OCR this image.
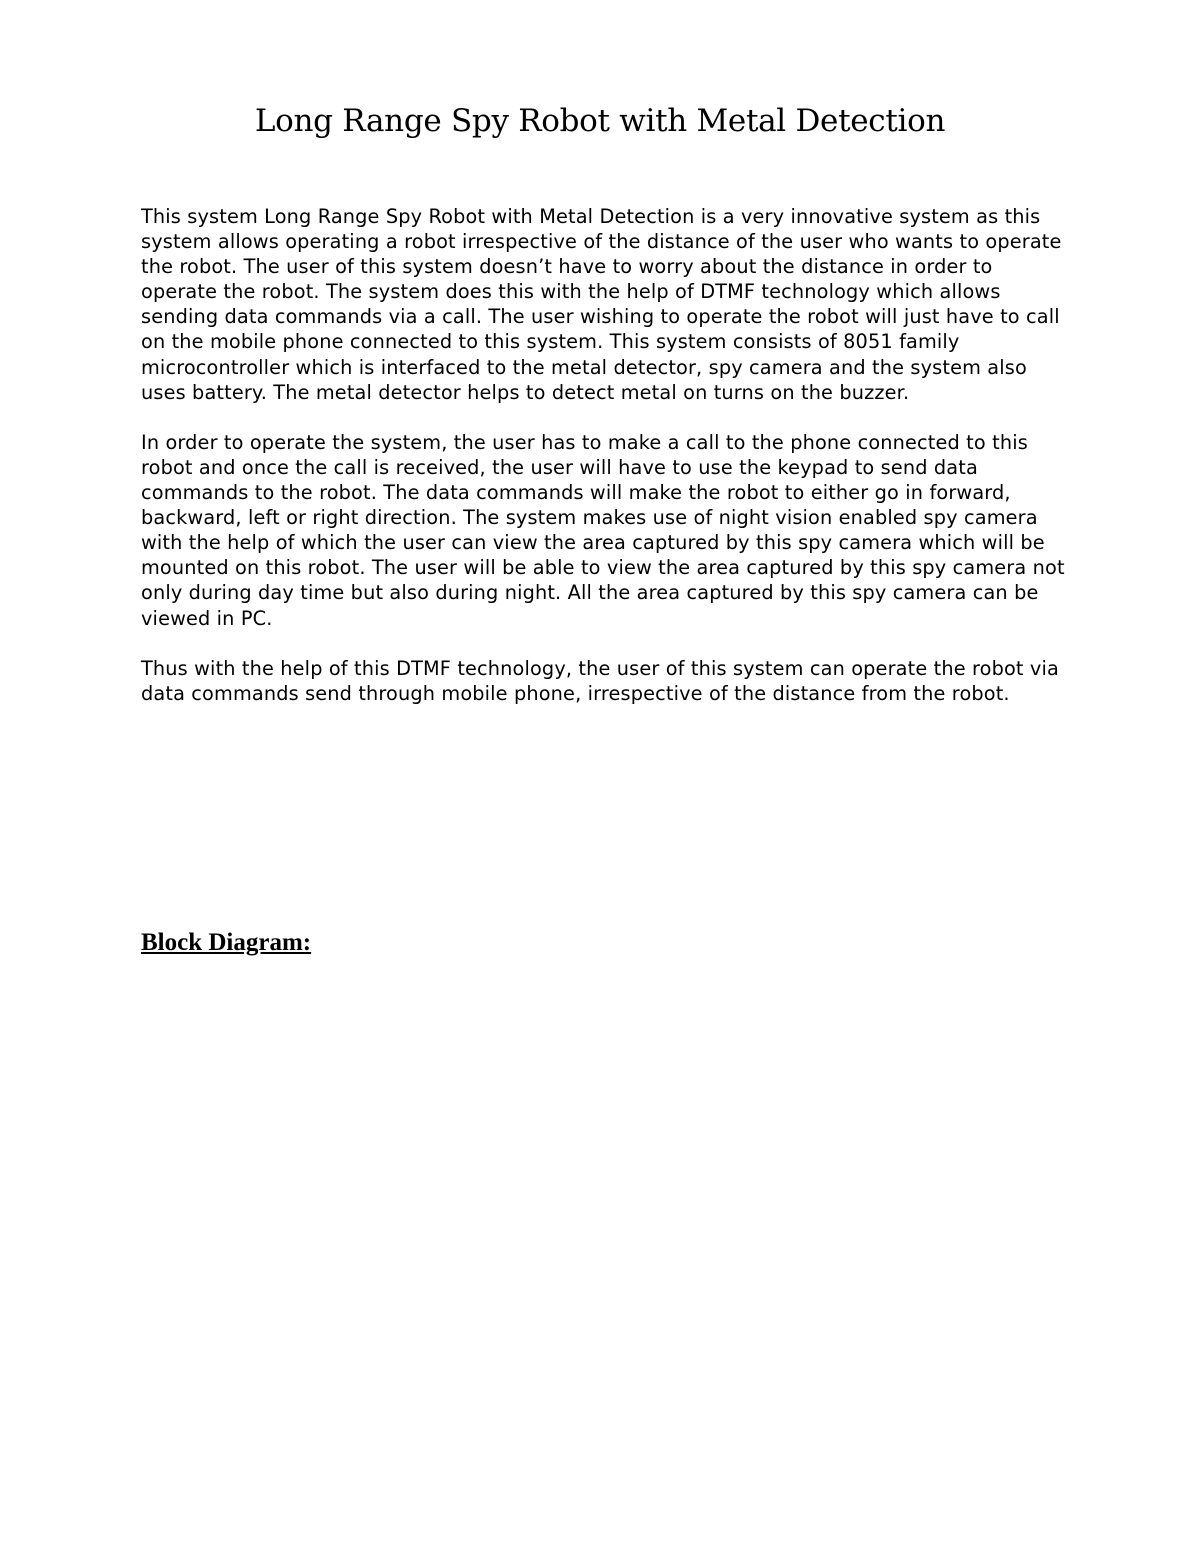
Long Range Spy Robot with Metal Detection

This system Long Range Spy Robot with Metal Detection is a very innovative system as this system allows operating a robot irrespective of the distance of the user who wants to operate the robot. The user of this system doesn’t have to worry about the distance in order to operate the robot. The system does this with the help of DTMF technology which allows sending data commands via a call. The user wishing to operate the robot will just have to call on the mobile phone connected to this system. This system consists of 8051 family microcontroller which is interfaced to the metal detector, spy camera and the system also uses battery. The metal detector helps to detect metal on turns on the buzzer.

In order to operate the system, the user has to make a call to the phone connected to this robot and once the call is received, the user will have to use the keypad to send data commands to the robot. The data commands will make the robot to either go in forward, backward, left or right direction. The system makes use of night vision enabled spy camera with the help of which the user can view the area captured by this spy camera which will be mounted on this robot. The user will be able to view the area captured by this spy camera not only during day time but also during night. All the area captured by this spy camera can be viewed in PC.

Thus with the help of this DTMF technology, the user of this system can operate the robot via data commands send through mobile phone, irrespective of the distance from the robot.

Block Diagram:
